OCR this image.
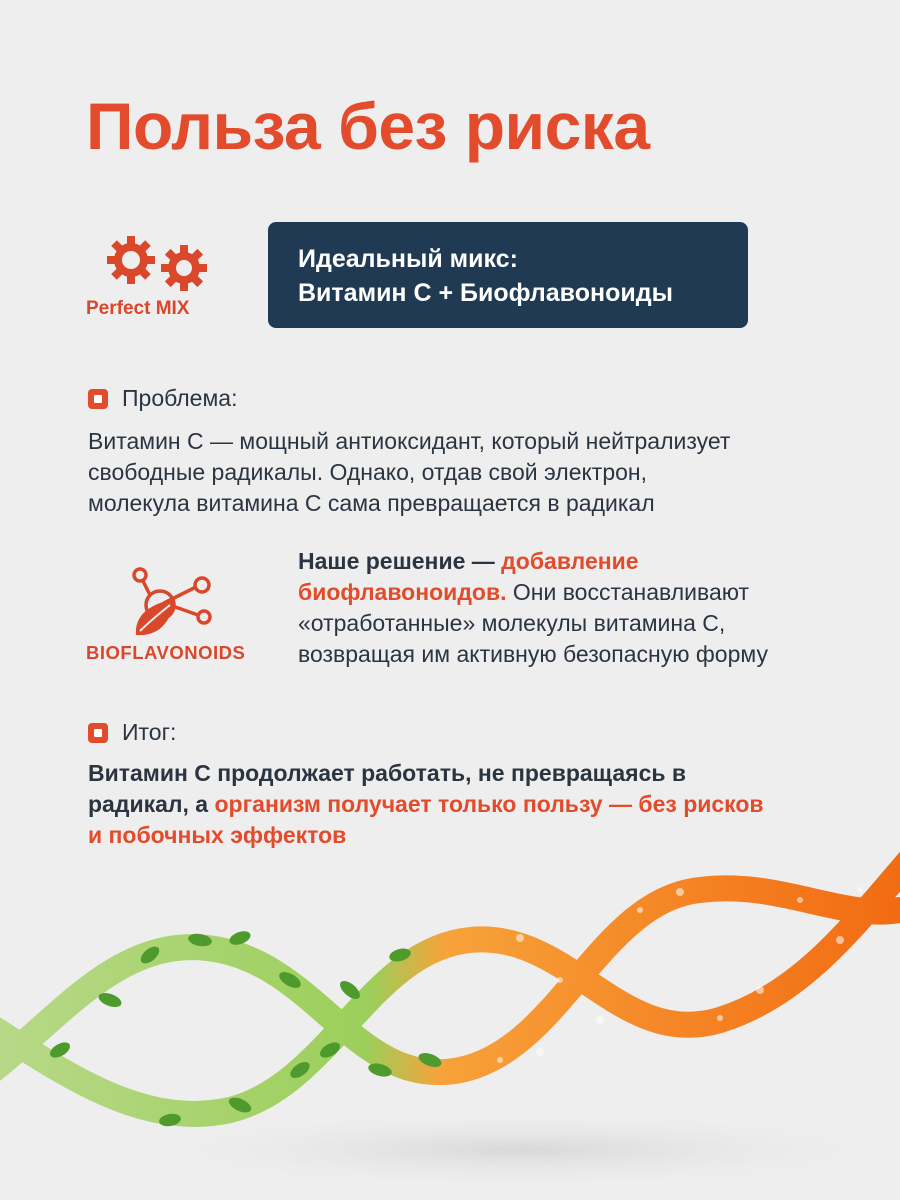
Польза без риска
Perfect MIX
Идеальный микс:
Витамин С + Биофлавоноиды
Проблема:

Витамин С — мощный антиоксидант, который нейтрализует
свободные радикалы. Однако, отдав свой электрон,
молекула витамина С сама превращается в радикал

BIOFLAVONOIDS

Наше решение — добавление биофлавоноидов. Они восстанавливают «отработанные» молекулы витамина С, возвращая им активную безопасную форму

Итог:

Витамин С продолжает работать, не превращаясь в радикал, а организм получает только пользу — без рисков и побочных эффектов
